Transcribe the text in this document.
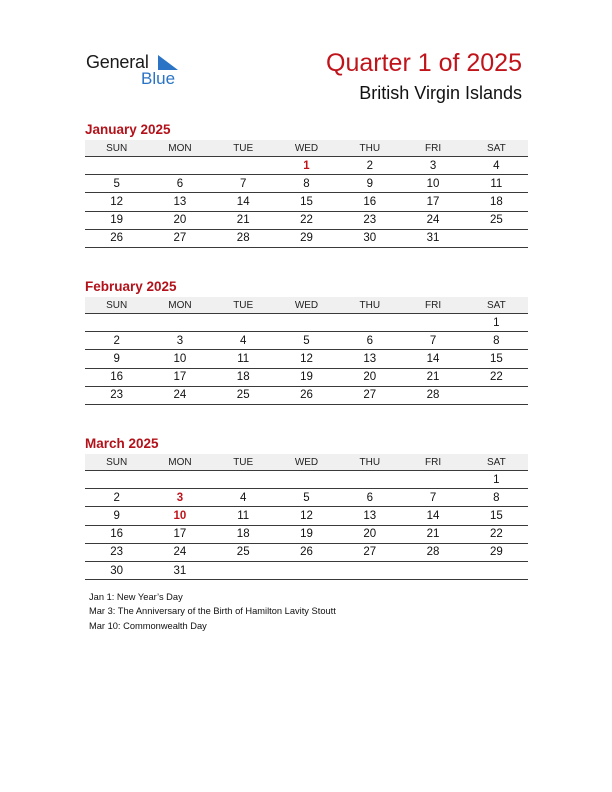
General
Blue
Quarter 1 of 2025
British Virgin Islands
January 2025
SUN	MON	TUE	WED	THU	FRI	SAT
			1	2	3	4
5	6	7	8	9	10	11
12	13	14	15	16	17	18
19	20	21	22	23	24	25
26	27	28	29	30	31	
February 2025
SUN	MON	TUE	WED	THU	FRI	SAT
						1
2	3	4	5	6	7	8
9	10	11	12	13	14	15
16	17	18	19	20	21	22
23	24	25	26	27	28	
March 2025
SUN	MON	TUE	WED	THU	FRI	SAT
						1
2	3	4	5	6	7	8
9	10	11	12	13	14	15
16	17	18	19	20	21	22
23	24	25	26	27	28	29
30	31					
Jan 1: New Year’s Day
Mar 3: The Anniversary of the Birth of Hamilton Lavity Stoutt
Mar 10: Commonwealth Day
